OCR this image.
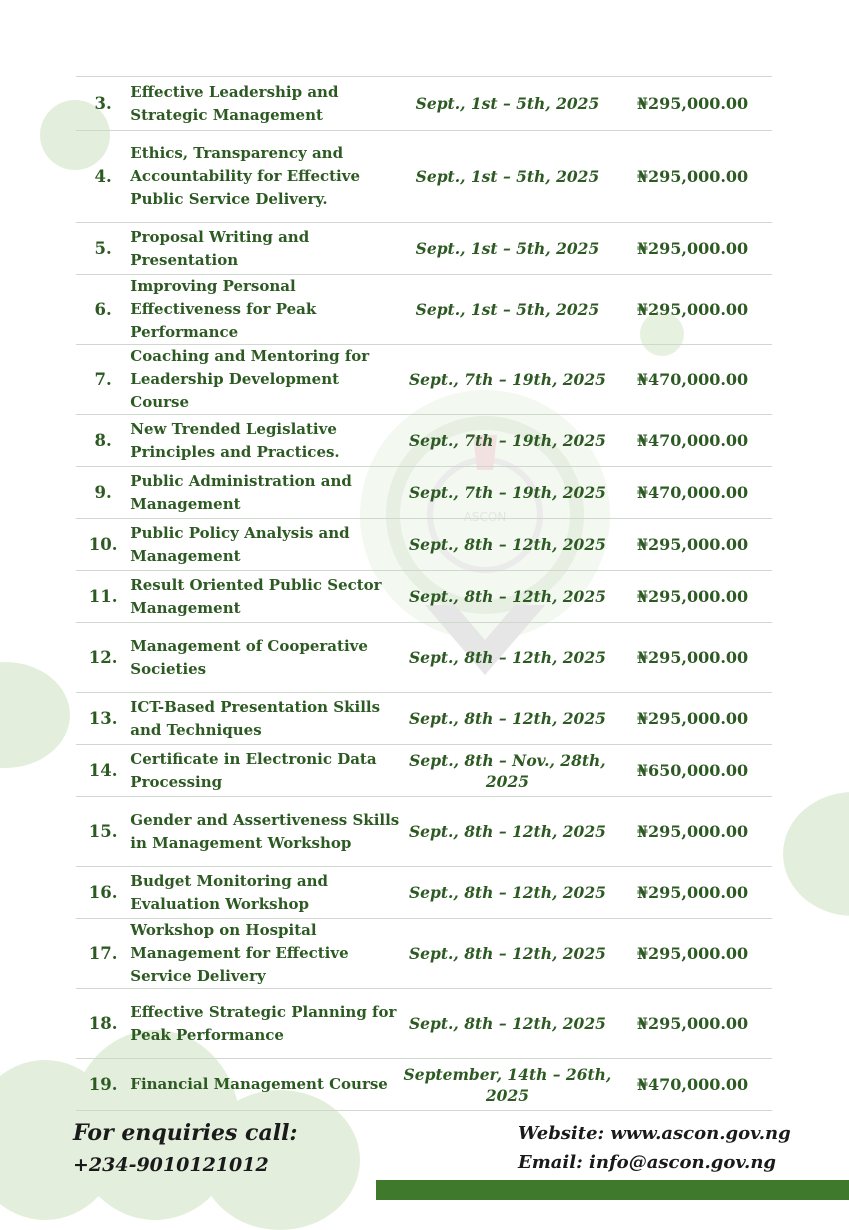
ASCON
3.	Effective Leadership and Strategic Management	Sept., 1st – 5th, 2025	₦295,000.00
4.	Ethics, Transparency and Accountability for Effective Public Service Delivery.	Sept., 1st – 5th, 2025	₦295,000.00
5.	Proposal Writing and Presentation	Sept., 1st – 5th, 2025	₦295,000.00
6.	Improving Personal Effectiveness for Peak Performance	Sept., 1st – 5th, 2025	₦295,000.00
7.	Coaching and Mentoring for Leadership Development Course	Sept., 7th – 19th, 2025	₦470,000.00
8.	New Trended Legislative Principles and Practices.	Sept., 7th – 19th, 2025	₦470,000.00
9.	Public Administration and Management	Sept., 7th – 19th, 2025	₦470,000.00
10.	Public Policy Analysis and Management	Sept., 8th – 12th, 2025	₦295,000.00
11.	Result Oriented Public Sector Management	Sept., 8th – 12th, 2025	₦295,000.00
12.	Management of Cooperative Societies	Sept., 8th – 12th, 2025	₦295,000.00
13.	ICT-Based Presentation Skills and Techniques	Sept., 8th – 12th, 2025	₦295,000.00
14.	Certificate in Electronic Data Processing	Sept., 8th – Nov., 28th, 2025	₦650,000.00
15.	Gender and Assertiveness Skills in Management Workshop	Sept., 8th – 12th, 2025	₦295,000.00
16.	Budget Monitoring and Evaluation Workshop	Sept., 8th – 12th, 2025	₦295,000.00
17.	Workshop on Hospital Management for Effective Service Delivery	Sept., 8th – 12th, 2025	₦295,000.00
18.	Effective Strategic Planning for Peak Performance	Sept., 8th – 12th, 2025	₦295,000.00
19.	Financial Management Course	September, 14th – 26th, 2025	₦470,000.00
For enquiries call:
+234-9010121012
Website: www.ascon.gov.ng
Email: info@ascon.gov.ng
